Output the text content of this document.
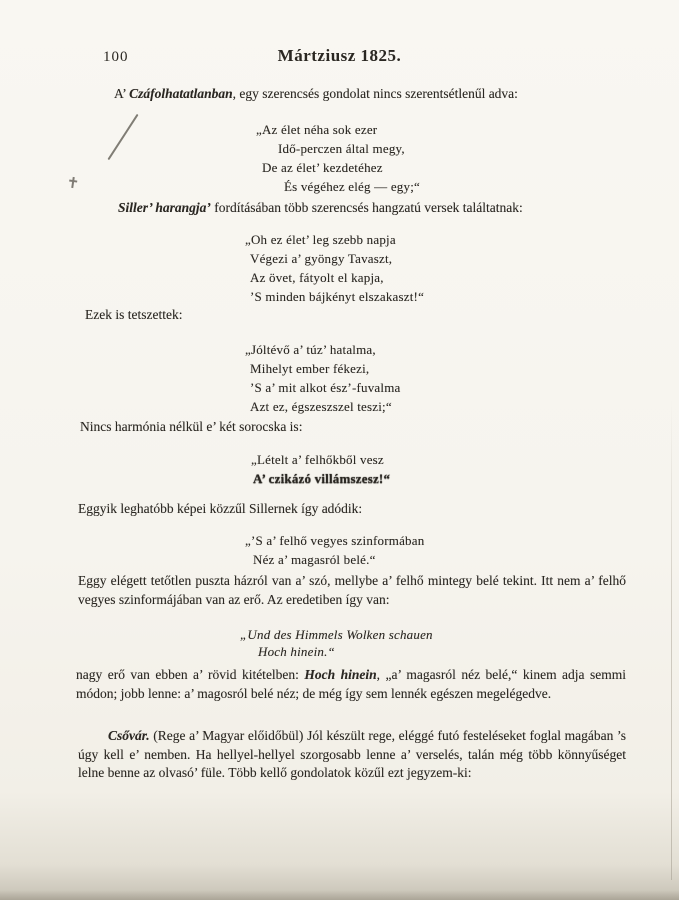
100	Mártziusz 1825.

A’ Czáfolhatatlanban, egy szerencsés gondolat nincs szerentsétlenűl adva:

„Az élet néha sok ezer
Idő-perczen által megy,
De az élet’ kezdetéhez
És végéhez elég — egy;“

Siller’ harangja’ fordításában több szerencsés hangzatú versek találtatnak:

„Oh ez élet’ leg szebb napja
Végezi a’ gyöngy Tavaszt,
Az övet, fátyolt el kapja,
’S minden bájkényt elszakaszt!“

Ezek is tetszettek:

„Jóltévő a’ túz’ hatalma,
Mihelyt ember fékezi,
’S a’ mit alkot ész’-fuvalma
Azt ez, égszeszszel teszi;“

Nincs harmónia nélkül e’ két sorocska is:

„Lételt a’ felhőkből vesz
A’ czikázó villámszesz!“

Eggyik leghatóbb képei közzűl Sillernek így adódik:

„’S a’ felhő vegyes szinformában
Néz a’ magasról belé.“

Eggy elégett tetőtlen puszta házról van a’ szó, mellybe a’ felhő mintegy belé tekint. Itt nem a’ felhő vegyes szinformájában van az erő. Az eredetiben így van:

„Und des Himmels Wolken schauen
Hoch hinein.“

nagy erő van ebben a’ rövid kitételben: Hoch hinein, „a’ magasról néz belé,“ kinem adja semmi módon; jobb lenne: a’ magosról belé néz; de még így sem lennék egészen megelégedve.

Csővár. (Rege a’ Magyar előidőbül) Jól készült rege, eléggé futó festeléseket foglal magában ’s úgy kell e’ nemben. Ha hellyel-hellyel szorgosabb lenne a’ verselés, talán még több könnyűséget lelne benne az olvasó’ füle. Több kellő gondolatok közűl ezt jegyzem-ki:
